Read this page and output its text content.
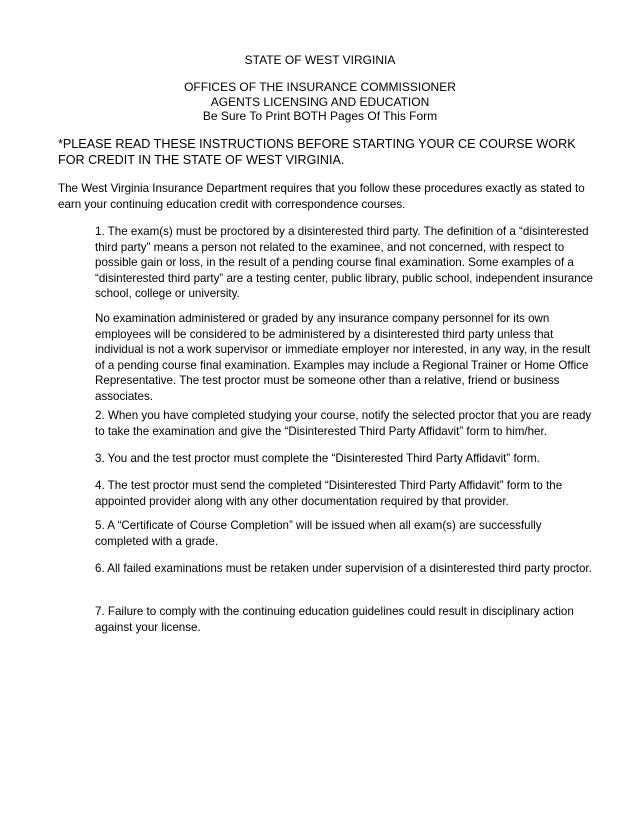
STATE OF WEST VIRGINIA
OFFICES OF THE INSURANCE COMMISSIONER
AGENTS LICENSING AND EDUCATION
Be Sure To Print BOTH Pages Of This Form
*PLEASE READ THESE INSTRUCTIONS BEFORE STARTING YOUR CE COURSE WORK FOR CREDIT IN THE STATE OF WEST VIRGINIA.
The West Virginia Insurance Department requires that you follow these procedures exactly as stated to earn your continuing education credit with correspondence courses.
1. The exam(s) must be proctored by a disinterested third party. The definition of a “disinterested third party” means a person not related to the examinee, and not concerned, with respect to possible gain or loss, in the result of a pending course final examination. Some examples of a “disinterested third party” are a testing center, public library, public school, independent insurance school, college or university.
No examination administered or graded by any insurance company personnel for its own employees will be considered to be administered by a disinterested third party unless that individual is not a work supervisor or immediate employer nor interested, in any way, in the result of a pending course final examination. Examples may include a Regional Trainer or Home Office Representative. The test proctor must be someone other than a relative, friend or business associates.
2. When you have completed studying your course, notify the selected proctor that you are ready to take the examination and give the “Disinterested Third Party Affidavit” form to him/her.
3. You and the test proctor must complete the “Disinterested Third Party Affidavit” form.
4. The test proctor must send the completed “Disinterested Third Party Affidavit” form to the appointed provider along with any other documentation required by that provider.
5. A “Certificate of Course Completion” will be issued when all exam(s) are successfully completed with a grade.
6. All failed examinations must be retaken under supervision of a disinterested third party proctor.
7. Failure to comply with the continuing education guidelines could result in disciplinary action against your license.
